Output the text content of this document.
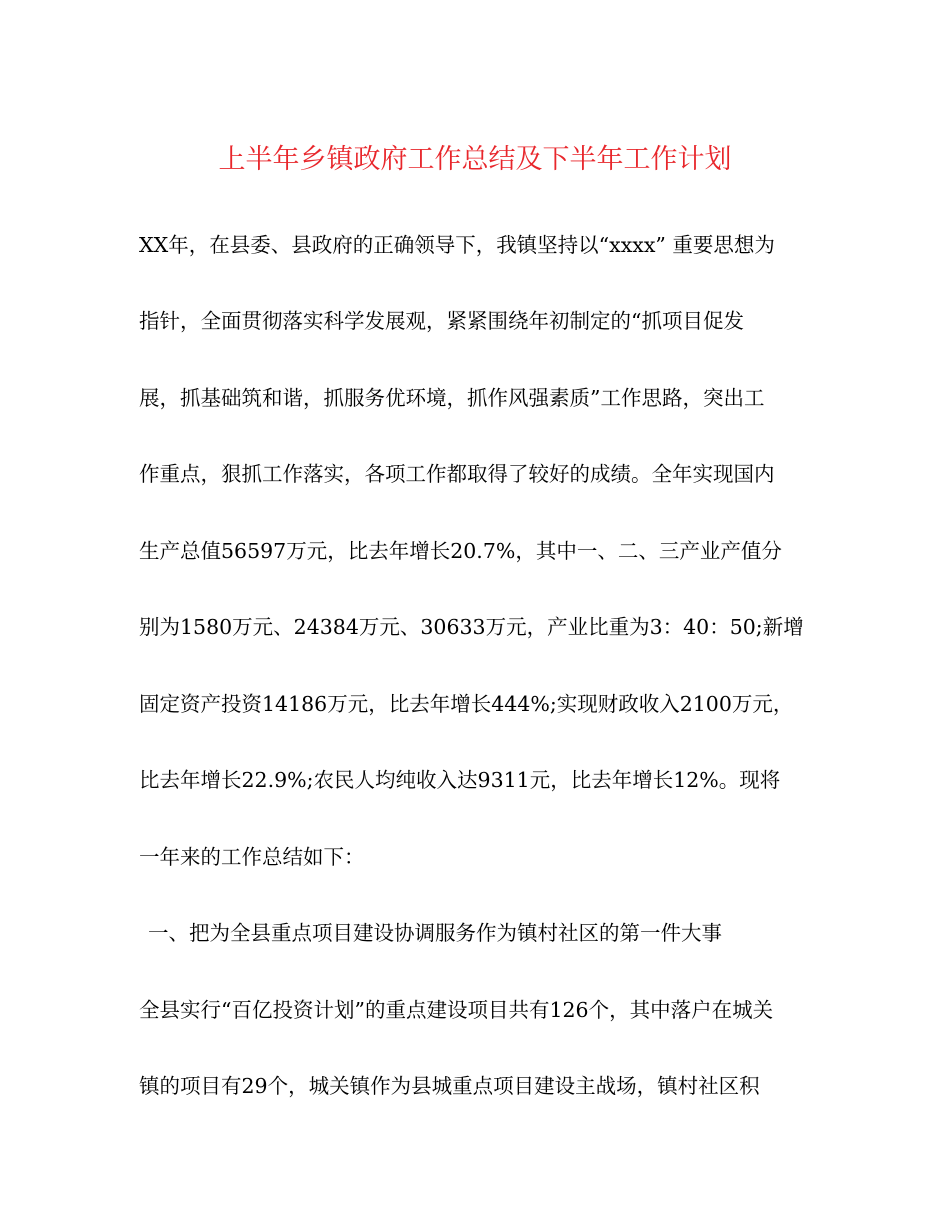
上半年乡镇政府工作总结及下半年工作计划
XX年，在县委、县政府的正确领导下，我镇坚持以“xxxx” 重要思想为
指针，全面贯彻落实科学发展观，紧紧围绕年初制定的“抓项目促发
展，抓基础筑和谐，抓服务优环境，抓作风强素质”工作思路，突出工
作重点，狠抓工作落实，各项工作都取得了较好的成绩。全年实现国内
生产总值56597万元，比去年增长20.7%，其中一、二、三产业产值分
别为1580万元、24384万元、30633万元，产业比重为3：40：50;新增
固定资产投资14186万元，比去年增长444%;实现财政收入2100万元，
比去年增长22.9%;农民人均纯收入达9311元，比去年增长12%。现将
一年来的工作总结如下：
一、把为全县重点项目建设协调服务作为镇村社区的第一件大事
全县实行“百亿投资计划”的重点建设项目共有126个，其中落户在城关
镇的项目有29个，城关镇作为县城重点项目建设主战场，镇村社区积
